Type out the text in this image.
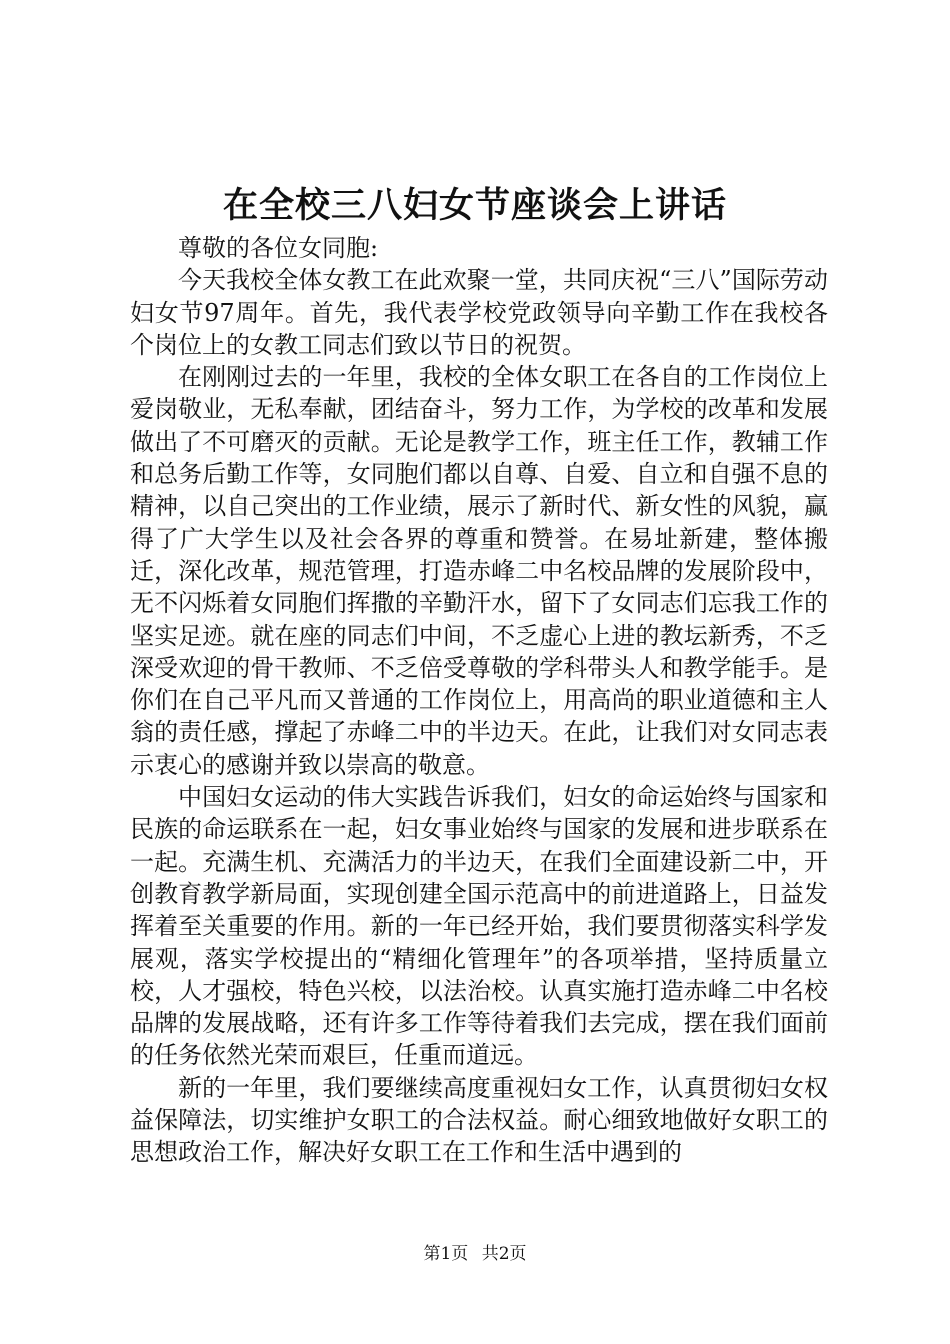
在全校三八妇女节座谈会上讲话

尊敬的各位女同胞:

今天我校全体女教工在此欢聚一堂，共同庆祝“三八”国际劳动妇女节97周年。首先，我代表学校党政领导向辛勤工作在我校各个岗位上的女教工同志们致以节日的祝贺。

在刚刚过去的一年里，我校的全体女职工在各自的工作岗位上爱岗敬业，无私奉献，团结奋斗，努力工作，为学校的改革和发展做出了不可磨灭的贡献。无论是教学工作，班主任工作，教辅工作和总务后勤工作等，女同胞们都以自尊、自爱、自立和自强不息的精神，以自己突出的工作业绩，展示了新时代、新女性的风貌，赢得了广大学生以及社会各界的尊重和赞誉。在易址新建，整体搬迁，深化改革，规范管理，打造赤峰二中名校品牌的发展阶段中，无不闪烁着女同胞们挥撒的辛勤汗水，留下了女同志们忘我工作的坚实足迹。就在座的同志们中间，不乏虚心上进的教坛新秀，不乏深受欢迎的骨干教师、不乏倍受尊敬的学科带头人和教学能手。是你们在自己平凡而又普通的工作岗位上，用高尚的职业道德和主人翁的责任感，撑起了赤峰二中的半边天。在此，让我们对女同志表示衷心的感谢并致以崇高的敬意。

中国妇女运动的伟大实践告诉我们，妇女的命运始终与国家和民族的命运联系在一起，妇女事业始终与国家的发展和进步联系在一起。充满生机、充满活力的半边天，在我们全面建设新二中，开创教育教学新局面，实现创建全国示范高中的前进道路上，日益发挥着至关重要的作用。新的一年已经开始，我们要贯彻落实科学发展观，落实学校提出的“精细化管理年”的各项举措，坚持质量立校，人才强校，特色兴校，以法治校。认真实施打造赤峰二中名校品牌的发展战略，还有许多工作等待着我们去完成，摆在我们面前的任务依然光荣而艰巨，任重而道远。

新的一年里，我们要继续高度重视妇女工作，认真贯彻妇女权益保障法，切实维护女职工的合法权益。耐心细致地做好女职工的思想政治工作，解决好女职工在工作和生活中遇到的

第1页 共2页
